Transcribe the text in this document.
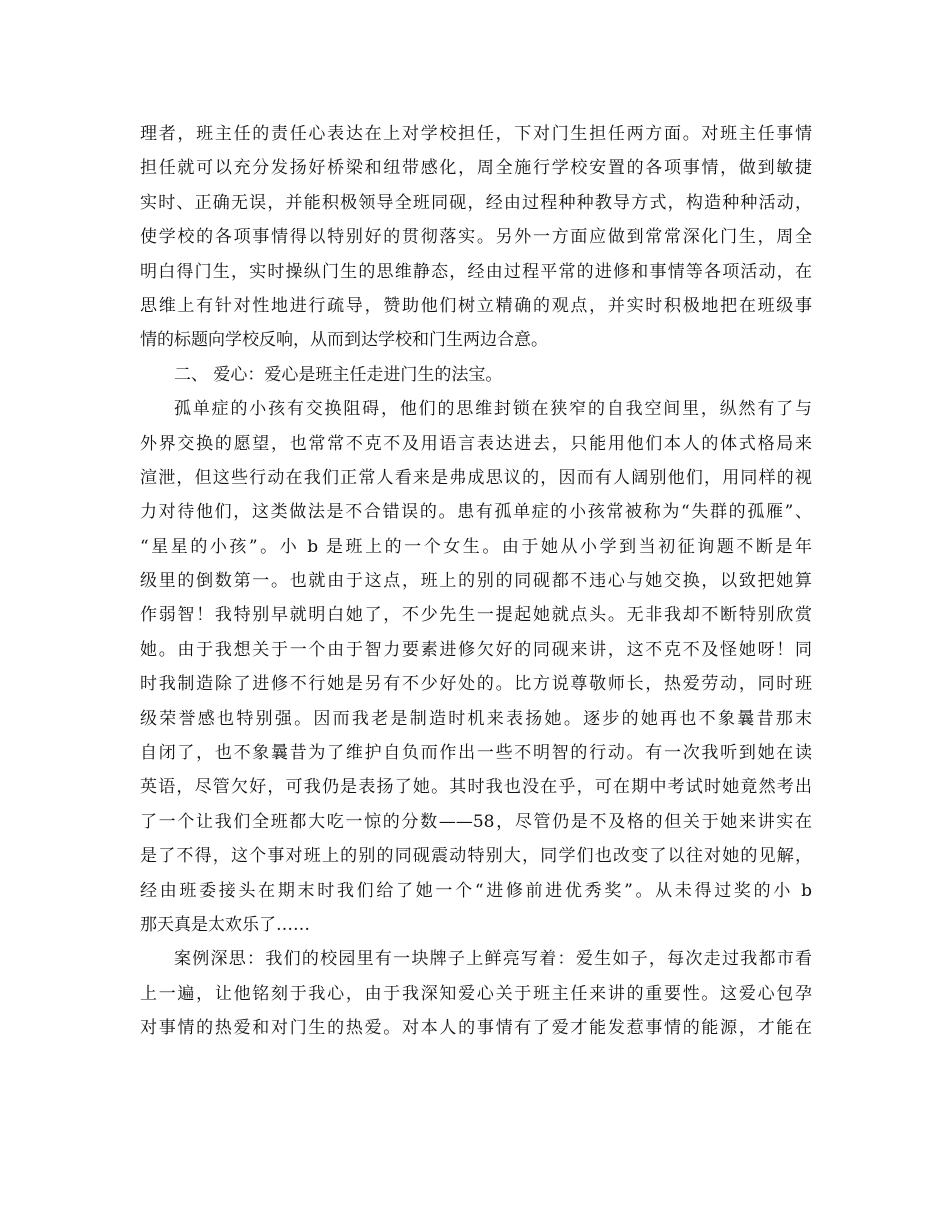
理者，班主任的责任心表达在上对学校担任，下对门生担任两方面。对班主任事情
担任就可以充分发扬好桥梁和纽带感化，周全施行学校安置的各项事情，做到敏捷
实时、正确无误，并能积极领导全班同砚，经由过程种种教导方式，构造种种活动，
使学校的各项事情得以特别好的贯彻落实。另外一方面应做到常常深化门生，周全
明白得门生，实时操纵门生的思维静态，经由过程平常的进修和事情等各项活动，在
思维上有针对性地进行疏导，赞助他们树立精确的观点，并实时积极地把在班级事
情的标题向学校反响，从而到达学校和门生两边合意。
二、 爱心：爱心是班主任走进门生的法宝。
孤单症的小孩有交换阻碍，他们的思维封锁在狭窄的自我空间里，纵然有了与
外界交换的愿望，也常常不克不及用语言表达进去，只能用他们本人的体式格局来
渲泄，但这些行动在我们正常人看来是弗成思议的，因而有人阔别他们，用同样的视
力对待他们，这类做法是不合错误的。患有孤单症的小孩常被称为“失群的孤雁”、
“星星的小孩”。小 b 是班上的一个女生。由于她从小学到当初征询题不断是年
级里的倒数第一。也就由于这点，班上的别的同砚都不违心与她交换，以致把她算
作弱智！我特别早就明白她了，不少先生一提起她就点头。无非我却不断特别欣赏
她。由于我想关于一个由于智力要素进修欠好的同砚来讲，这不克不及怪她呀！同
时我制造除了进修不行她是另有不少好处的。比方说尊敬师长，热爱劳动，同时班
级荣誉感也特别强。因而我老是制造时机来表扬她。逐步的她再也不象曩昔那末
自闭了，也不象曩昔为了维护自负而作出一些不明智的行动。有一次我听到她在读
英语，尽管欠好，可我仍是表扬了她。其时我也没在乎，可在期中考试时她竟然考出
了一个让我们全班都大吃一惊的分数——58，尽管仍是不及格的但关于她来讲实在
是了不得，这个事对班上的别的同砚震动特别大，同学们也改变了以往对她的见解，
经由班委接头在期末时我们给了她一个“进修前进优秀奖”。从未得过奖的小 b
那天真是太欢乐了……
案例深思：我们的校园里有一块牌子上鲜亮写着：爱生如子，每次走过我都市看
上一遍，让他铭刻于我心，由于我深知爱心关于班主任来讲的重要性。这爱心包孕
对事情的热爱和对门生的热爱。对本人的事情有了爱才能发惹事情的能源，才能在
